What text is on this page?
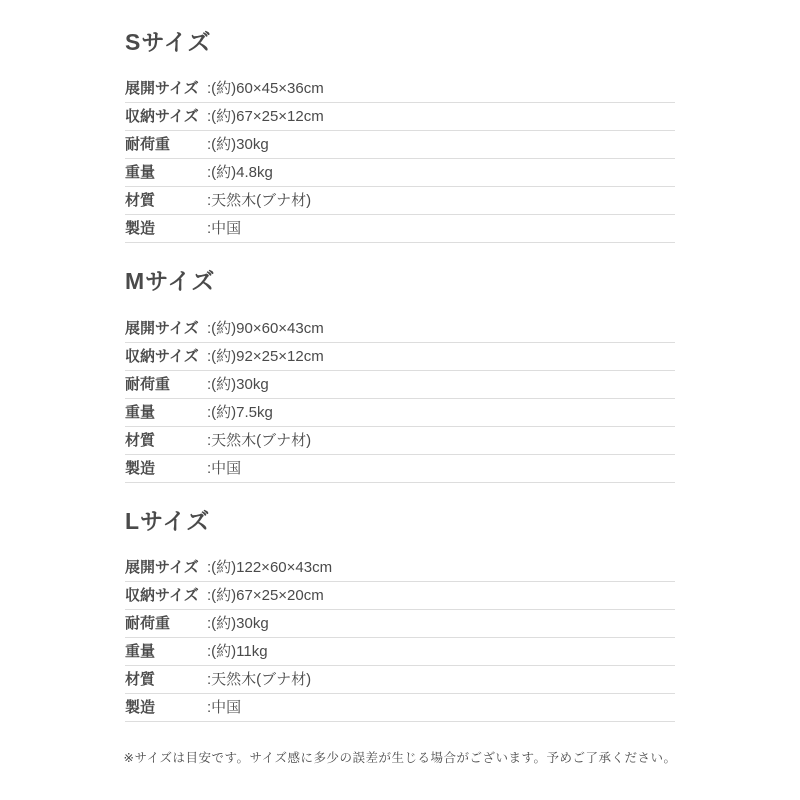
Sサイズ
展開サイズ :(約)60×45×36cm
収納サイズ :(約)67×25×12cm
耐荷重	:(約)30kg
重量	:(約)4.8kg
材質	:天然木(ブナ材)
製造	:中国
Mサイズ
展開サイズ :(約)90×60×43cm
収納サイズ :(約)92×25×12cm
耐荷重	:(約)30kg
重量	:(約)7.5kg
材質	:天然木(ブナ材)
製造	:中国
Lサイズ
展開サイズ :(約)122×60×43cm
収納サイズ :(約)67×25×20cm
耐荷重	:(約)30kg
重量	:(約)11kg
材質	:天然木(ブナ材)
製造	:中国
※サイズは目安です。サイズ感に多少の誤差が生じる場合がございます。予めご了承ください。
